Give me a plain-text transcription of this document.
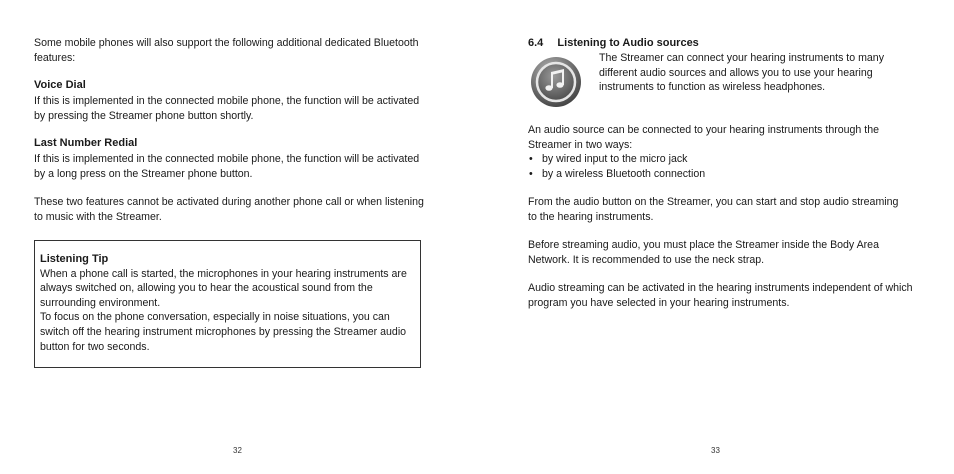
Some mobile phones will also support the following additional dedicated Bluetooth features:

Voice Dial

If this is implemented in the connected mobile phone, the function will be activated by pressing the Streamer phone button shortly.

Last Number Redial

If this is implemented in the connected mobile phone, the function will be activated by a long press on the Streamer phone button.

These two features cannot be activated during another phone call or when listening to music with the Streamer.

Listening Tip

When a phone call is started, the microphones in your hearing instruments are always switched on, allowing you to hear the acoustical sound from the surrounding environment.

To focus on the phone conversation, especially in noise situations, you can switch off the hearing instrument microphones by pressing the Streamer audio button for two seconds.

32
6.4 Listening to Audio sources

The Streamer can connect your hearing instruments to many different audio sources and allows you to use your hearing instruments to function as wireless headphones.

An audio source can be connected to your hearing instruments through the Streamer in two ways:

• by wired input to the micro jack
• by a wireless Bluetooth connection

From the audio button on the Streamer, you can start and stop audio streaming to the hearing instruments.

Before streaming audio, you must place the Streamer inside the Body Area Network. It is recommended to use the neck strap.

Audio streaming can be activated in the hearing instruments independent of which program you have selected in your hearing instruments.

33
